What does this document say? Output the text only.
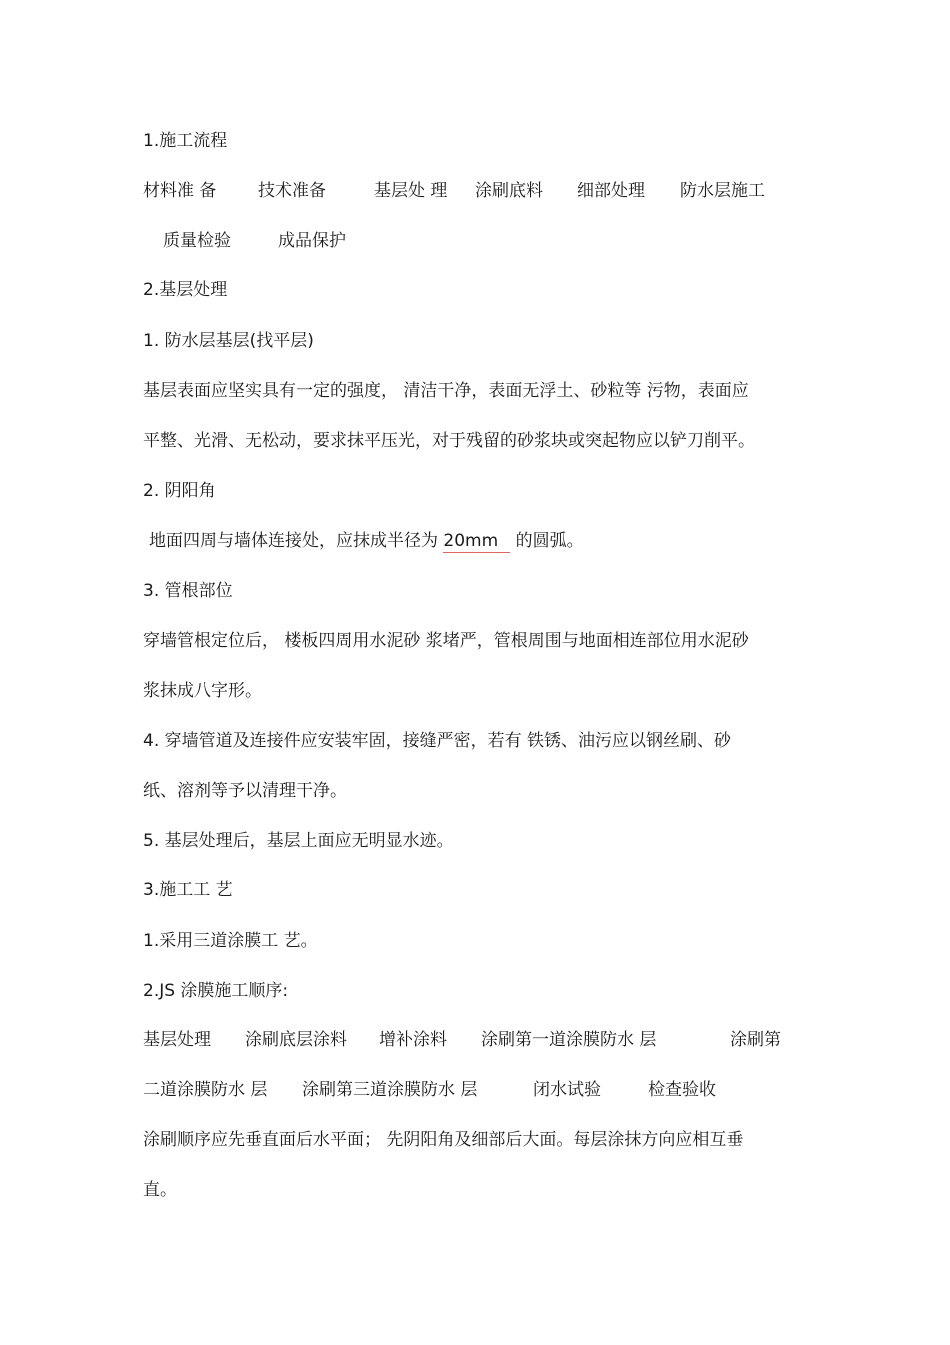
1.施工流程
材料准 备 技术准备	基层处 理 涂刷底料 细部处理 防水层施工
质量检验	成品保护
2.基层处理
1. 防水层基层(找平层)
基层表面应坚实具有一定的强度， 清洁干净，表面无浮土、砂粒等 污物，表面应
平整、光滑、无松动，要求抹平压光，对于残留的砂浆块或突起物应以铲刀削平。
2. 阴阳角
地面四周与墙体连接处，应抹成半径为 20mm 的圆弧。
3. 管根部位
穿墙管根定位后， 楼板四周用水泥砂 浆堵严，管根周围与地面相连部位用水泥砂
浆抹成八字形。
4. 穿墙管道及连接件应安装牢固，接缝严密，若有 铁锈、油污应以钢丝刷、砂
纸、溶剂等予以清理干净。
5. 基层处理后，基层上面应无明显水迹。
3.施工工 艺
1.采用三道涂膜工 艺。
2.JS 涂膜施工顺序:
基层处理 涂刷底层涂料 增补涂料 涂刷第一道涂膜防水 层	涂刷第
二道涂膜防水 层 涂刷第三道涂膜防水 层	闭水试验	检查验收
涂刷顺序应先垂直面后水平面； 先阴阳角及细部后大面。每层涂抹方向应相互垂
直。
